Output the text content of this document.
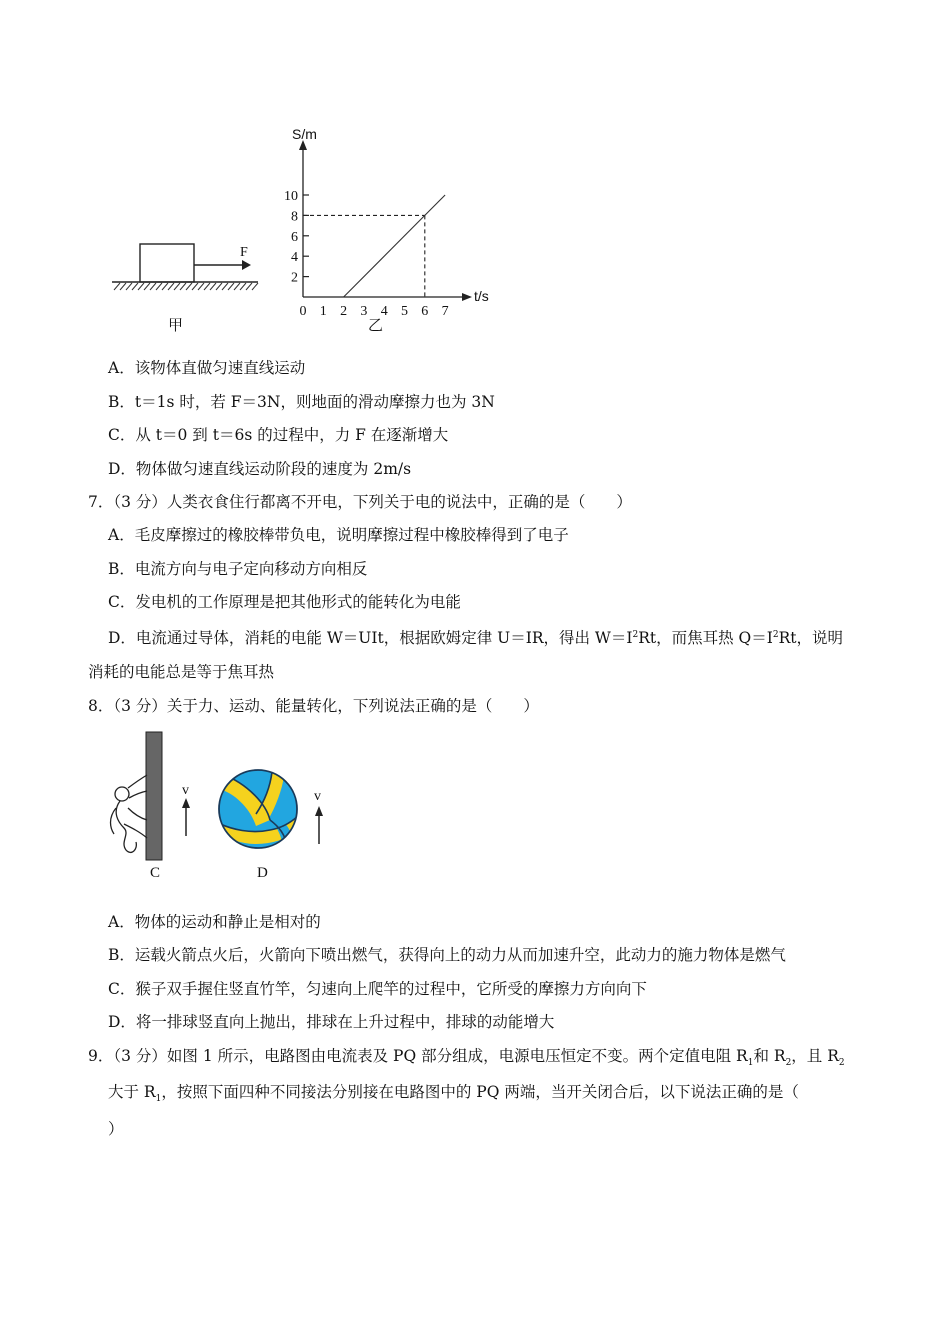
F
甲
2
4
6
8
10
0 1 2 3 4 5 6 7
S/m
t/s
乙
A．该物体直做匀速直线运动
B．t＝1s 时，若 F＝3N，则地面的滑动摩擦力也为 3N
C．从 t＝0 到 t＝6s 的过程中，力 F 在逐渐增大
D．物体做匀速直线运动阶段的速度为 2m/s
7．（3 分）人类衣食住行都离不开电，下列关于电的说法中，正确的是（　　）
A．毛皮摩擦过的橡胶棒带负电，说明摩擦过程中橡胶棒得到了电子
B．电流方向与电子定向移动方向相反
C．发电机的工作原理是把其他形式的能转化为电能
D．电流通过导体，消耗的电能 W＝UIt，根据欧姆定律 U＝IR，得出 $W=I^2Rt$，而焦耳热 $Q=I^2Rt$，说明
消耗的电能总是等于焦耳热
8．（3 分）关于力、运动、能量转化，下列说法正确的是（　　）
v
C
v
D
A．物体的运动和静止是相对的
B．运载火箭点火后，火箭向下喷出燃气，获得向上的动力从而加速升空，此动力的施力物体是燃气
C．猴子双手握住竖直竹竿，匀速向上爬竿的过程中，它所受的摩擦力方向向下
D．将一排球竖直向上抛出，排球在上升过程中，排球的动能增大
9．（3 分）如图 1 所示，电路图由电流表及 PQ 部分组成，电源电压恒定不变。两个定值电阻 $R_1$和 $R_2$，且 $R_2$
大于 $R_1$，按照下面四种不同接法分别接在电路图中的 PQ 两端，当开关闭合后，以下说法正确的是（
）
